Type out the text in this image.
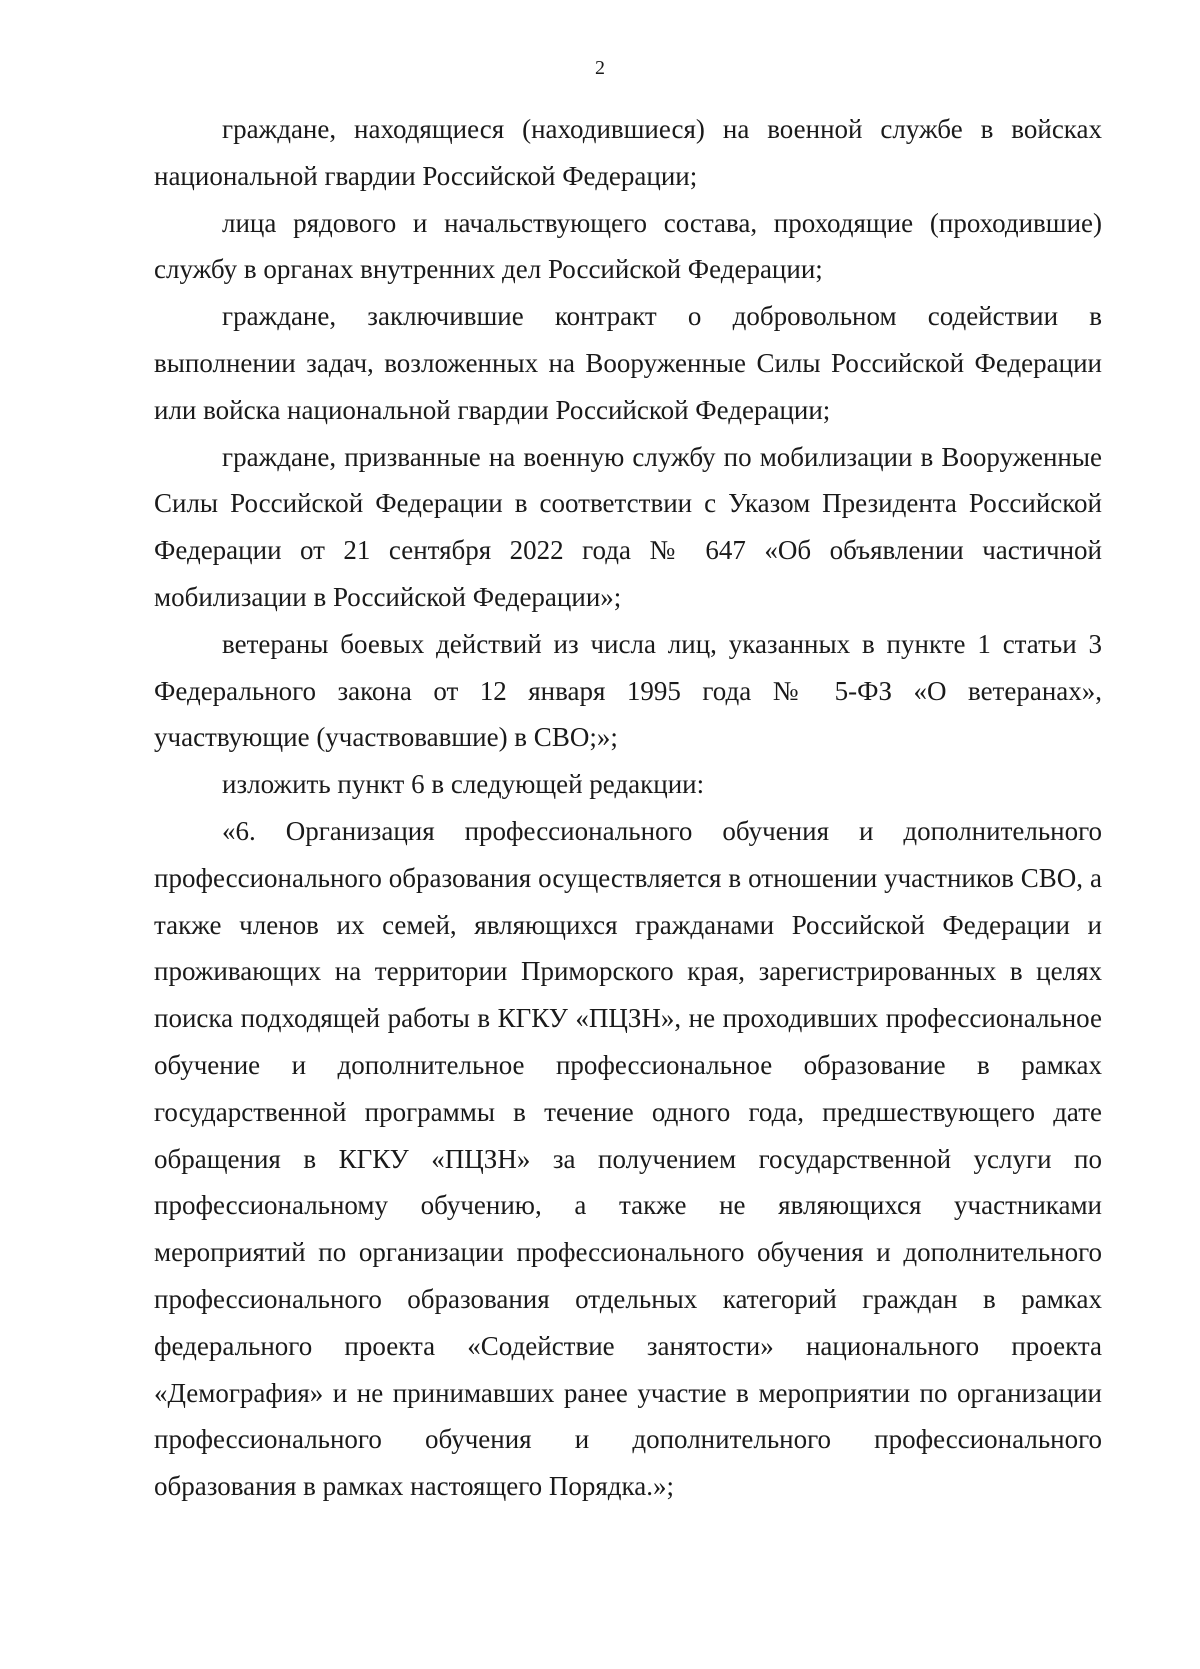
2

граждане, находящиеся (находившиеся) на военной службе в войсках национальной гвардии Российской Федерации;

лица рядового и начальствующего состава, проходящие (проходившие) службу в органах внутренних дел Российской Федерации;

граждане, заключившие контракт о добровольном содействии в выполнении задач, возложенных на Вооруженные Силы Российской Федерации или войска национальной гвардии Российской Федерации;

граждане, призванные на военную службу по мобилизации в Вооруженные Силы Российской Федерации в соответствии с Указом Президента Российской Федерации от 21 сентября 2022 года № 647 «Об объявлении частичной мобилизации в Российской Федерации»;

ветераны боевых действий из числа лиц, указанных в пункте 1 статьи 3 Федерального закона от 12 января 1995 года № 5-ФЗ «О ветеранах», участвующие (участвовавшие) в СВО;»;

изложить пункт 6 в следующей редакции:

«6. Организация профессионального обучения и дополнительного профессионального образования осуществляется в отношении участников СВО, а также членов их семей, являющихся гражданами Российской Федерации и проживающих на территории Приморского края, зарегистрированных в целях поиска подходящей работы в КГКУ «ПЦЗН», не проходивших профессиональное обучение и дополнительное профессиональное образование в рамках государственной программы в течение одного года, предшествующего дате обращения в КГКУ «ПЦЗН» за получением государственной услуги по профессиональному обучению, а также не являющихся участниками мероприятий по организации профессионального обучения и дополнительного профессионального образования отдельных категорий граждан в рамках федерального проекта «Содействие занятости» национального проекта «Демография» и не принимавших ранее участие в мероприятии по организации профессионального обучения и дополнительного профессионального образования в рамках настоящего Порядка.»;
